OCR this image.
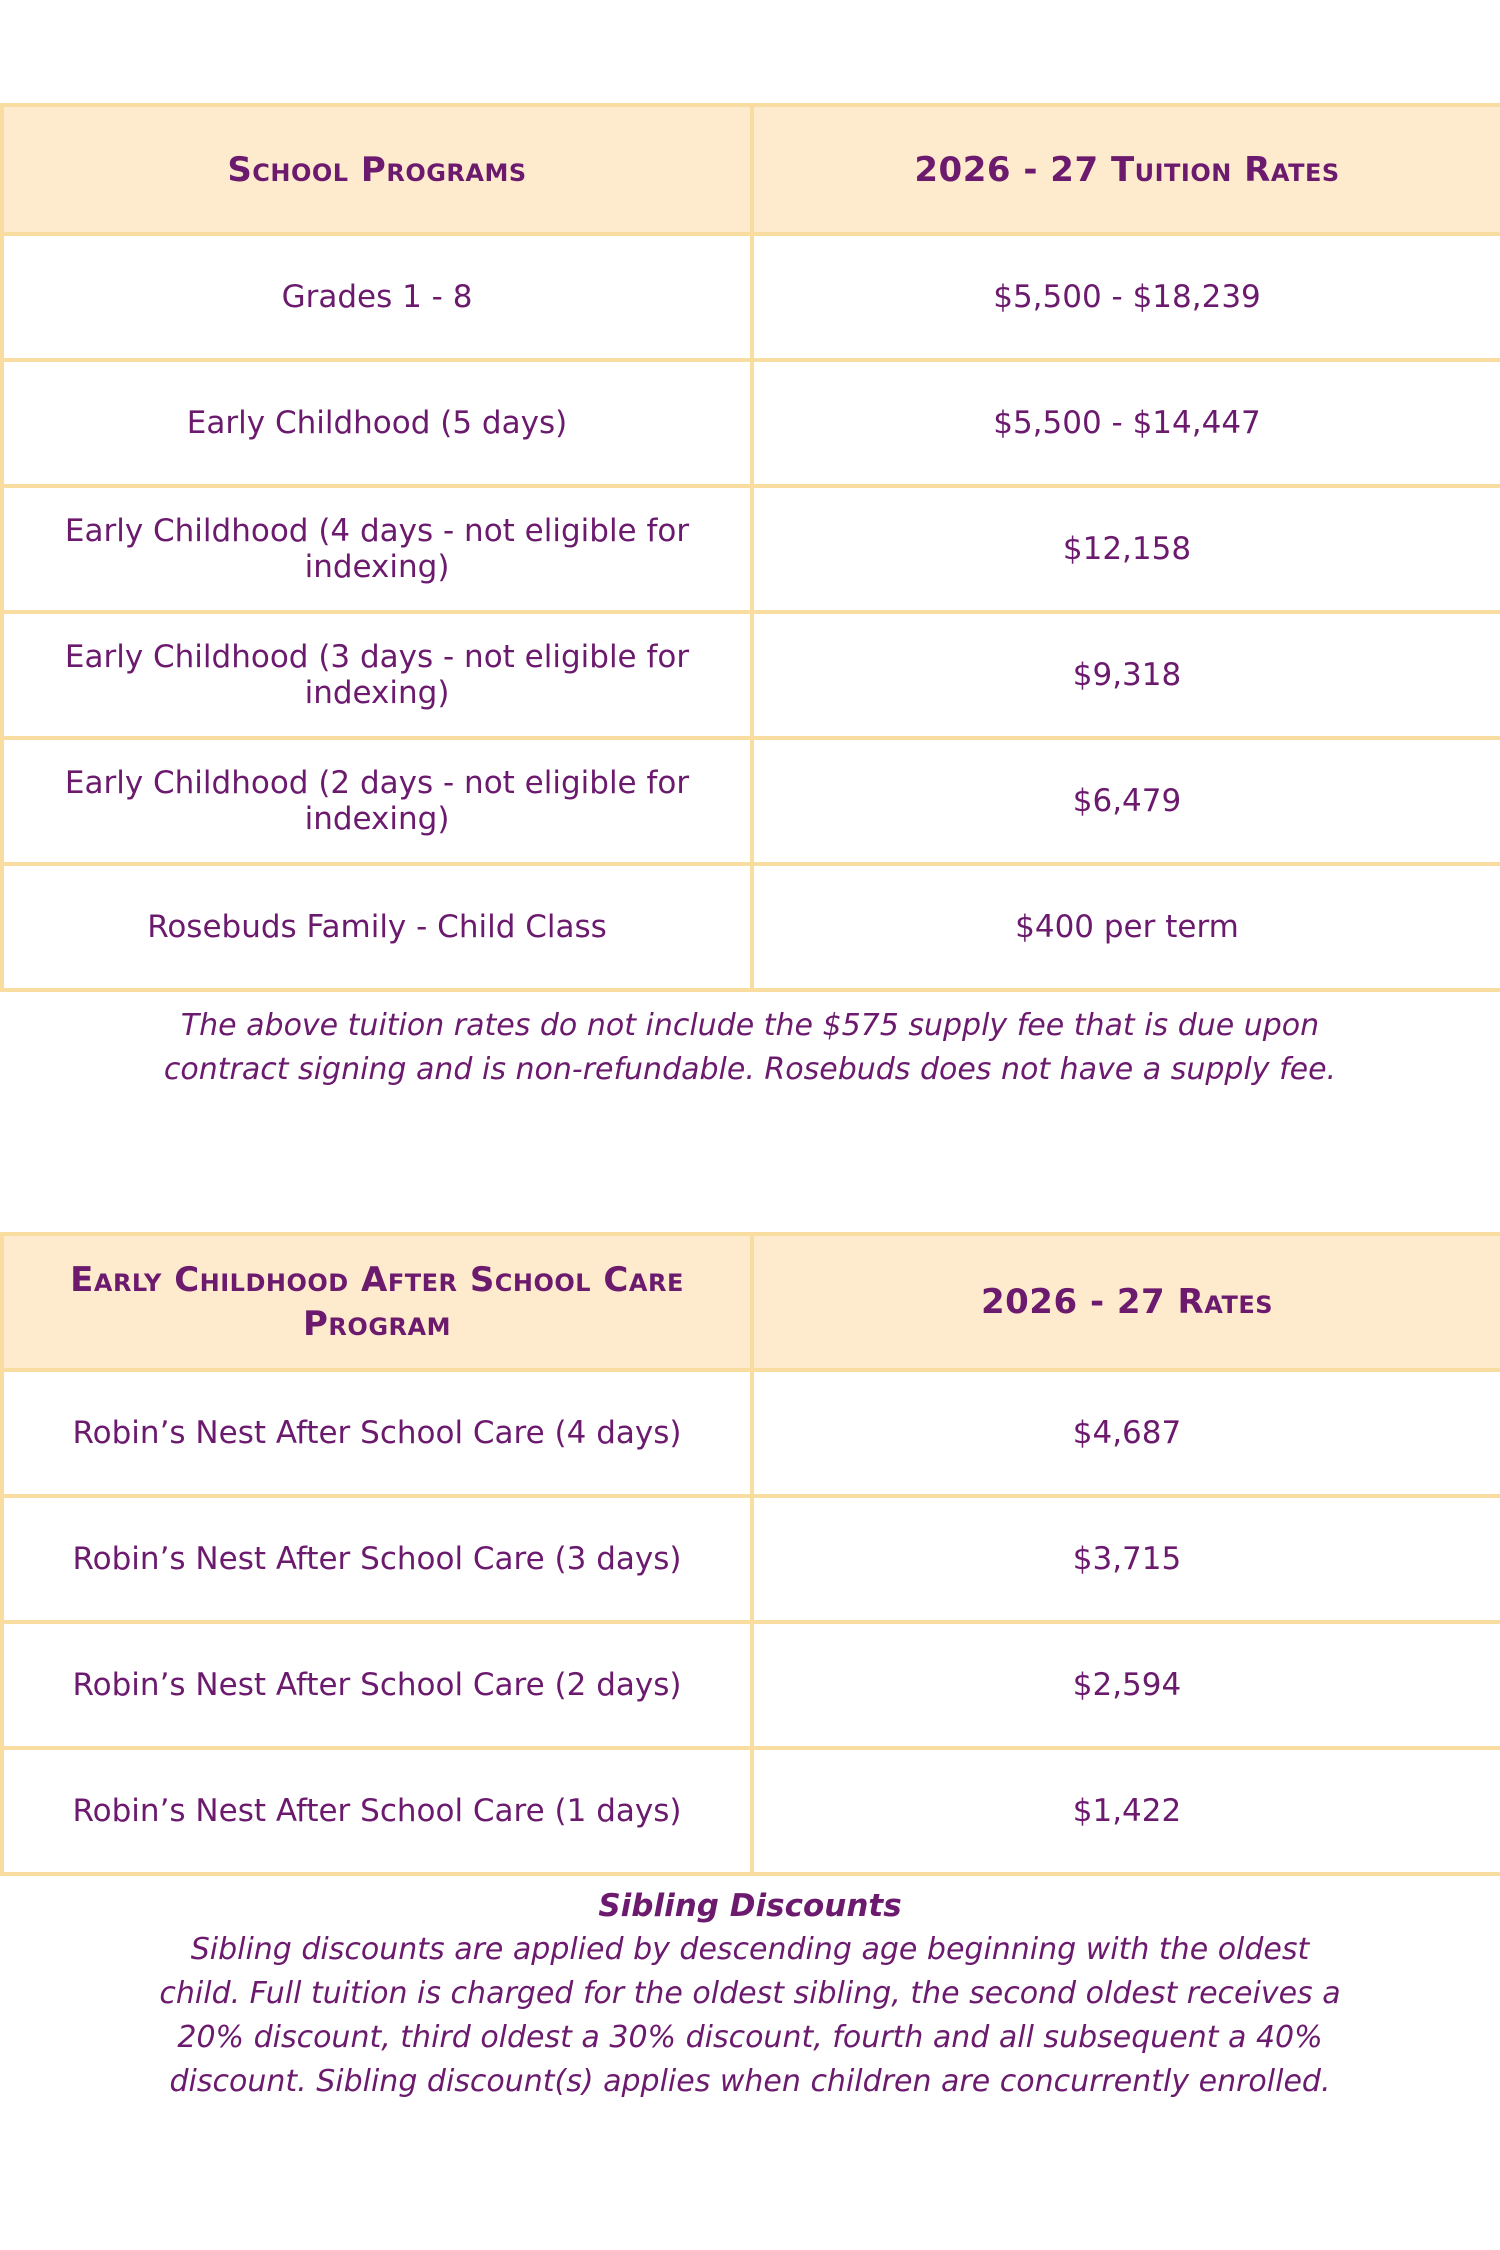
School Programs	2026 - 27 Tuition Rates
Grades 1 - 8	$5,500 - $18,239
Early Childhood (5 days)	$5,500 - $14,447
Early Childhood (4 days - not eligible for indexing)	$12,158
Early Childhood (3 days - not eligible for indexing)	$9,318
Early Childhood (2 days - not eligible for indexing)	$6,479
Rosebuds Family - Child Class	$400 per term
The above tuition rates do not include the $575 supply fee that is due upon contract signing and is non-refundable. Rosebuds does not have a supply fee.
Early Childhood After School Care Program	2026 - 27 Rates
Robin’s Nest After School Care (4 days)	$4,687
Robin’s Nest After School Care (3 days)	$3,715
Robin’s Nest After School Care (2 days)	$2,594
Robin’s Nest After School Care (1 days)	$1,422
Sibling Discounts
Sibling discounts are applied by descending age beginning with the oldest child. Full tuition is charged for the oldest sibling, the second oldest receives a 20% discount, third oldest a 30% discount, fourth and all subsequent a 40% discount. Sibling discount(s) applies when children are concurrently enrolled.
